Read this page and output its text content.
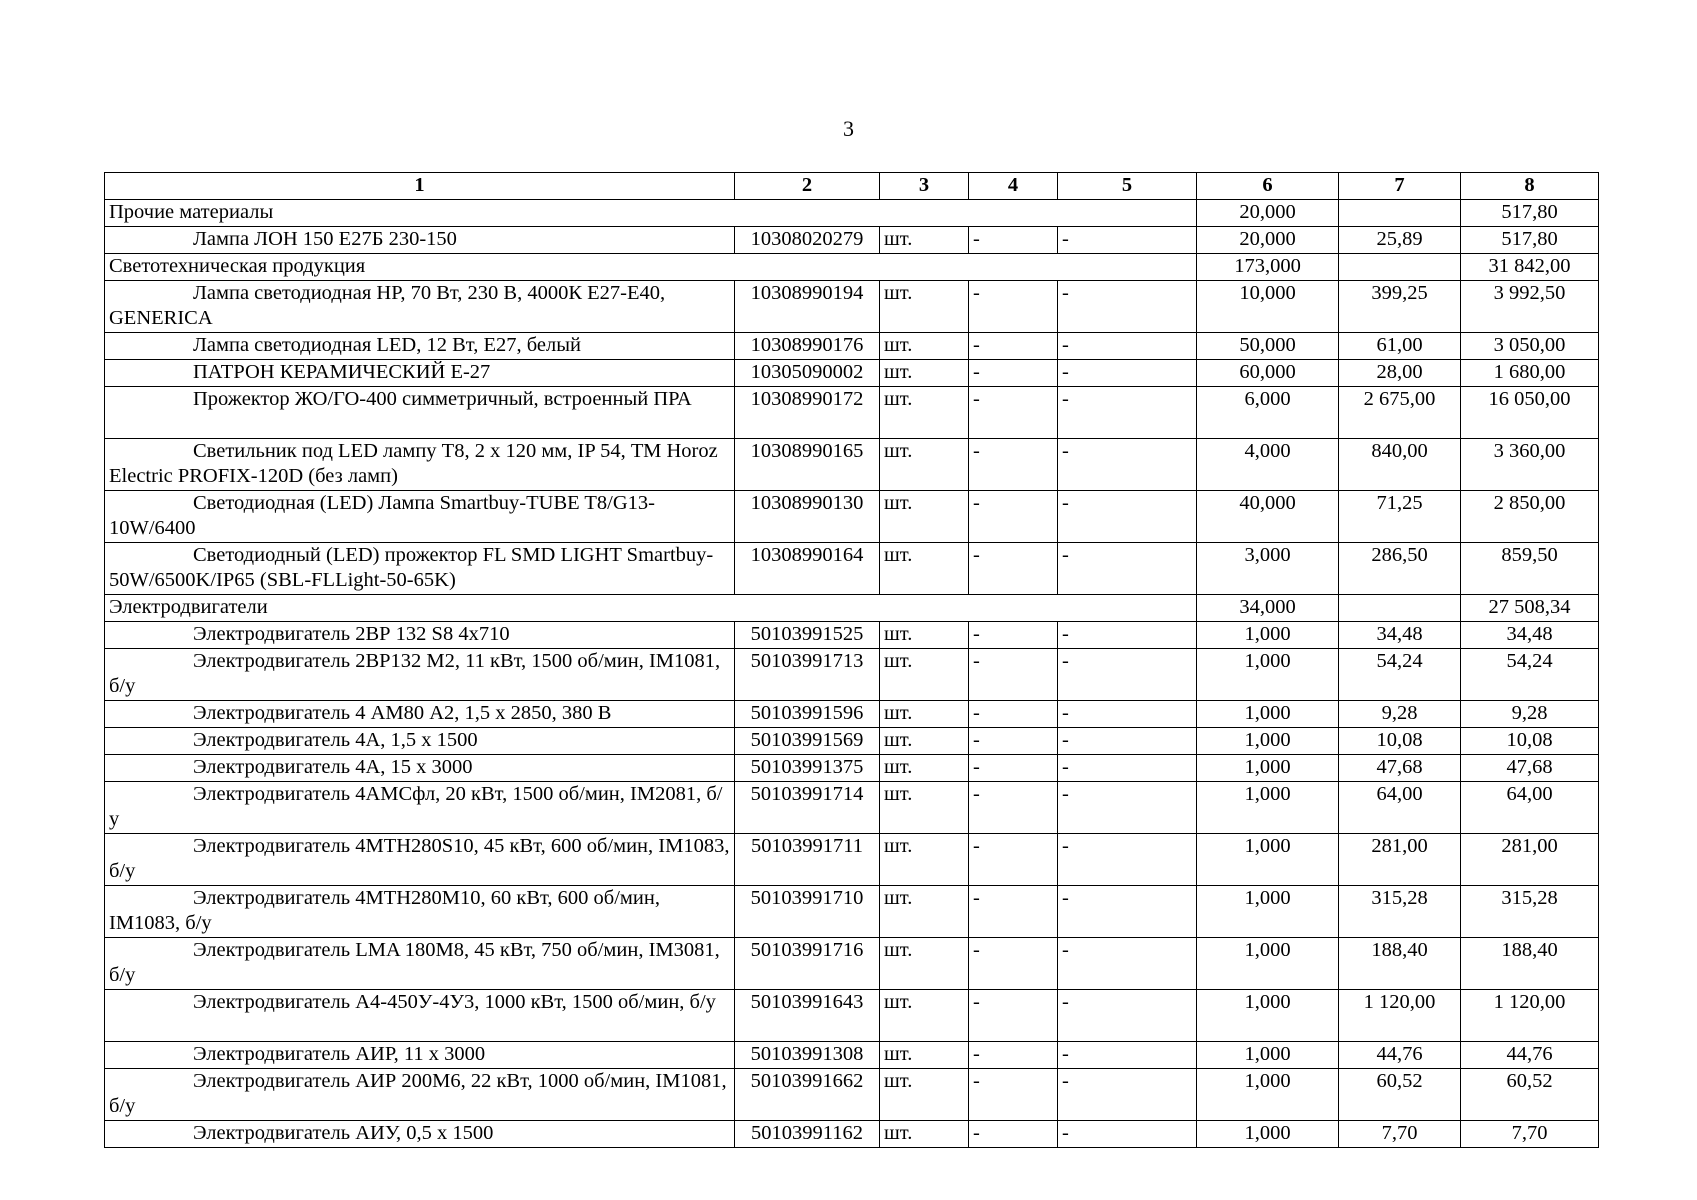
3
1	2	3	4	5	6	7	8
Прочие материалы					20,000		517,80
Лампа ЛОН 150 Е27Б 230-150	10308020279	шт.	-	-	20,000	25,89	517,80
Светотехническая продукция					173,000		31 842,00
Лампа светодиодная HP, 70 Вт, 230 В, 4000К Е27-Е40, GENERICA	10308990194	шт.	-	-	10,000	399,25	3 992,50
Лампа светодиодная LED, 12 Вт, Е27, белый	10308990176	шт.	-	-	50,000	61,00	3 050,00
ПАТРОН КЕРАМИЧЕСКИЙ Е-27	10305090002	шт.	-	-	60,000	28,00	1 680,00
Прожектор ЖО/ГО-400 симметричный, встроенный ПРА	10308990172	шт.	-	-	6,000	2 675,00	16 050,00
Светильник под LED лампу Т8, 2 х 120 мм, IP 54, ТМ Horoz Electric PROFIX-120D (без ламп)	10308990165	шт.	-	-	4,000	840,00	3 360,00
Светодиодная (LED) Лампа Smartbuy-TUBE T8/G13-10W/6400	10308990130	шт.	-	-	40,000	71,25	2 850,00
Светодиодный (LED) прожектор FL SMD LIGHT Smartbuy-50W/6500K/IP65 (SBL-FLLight-50-65K)	10308990164	шт.	-	-	3,000	286,50	859,50
Электродвигатели					34,000		27 508,34
Электродвигатель 2ВР 132 S8 4х710	50103991525	шт.	-	-	1,000	34,48	34,48
Электродвигатель 2ВР132 М2, 11 кВт, 1500 об/мин, IM1081, б/у	50103991713	шт.	-	-	1,000	54,24	54,24
Электродвигатель 4 АМ80 А2, 1,5 х 2850, 380 В	50103991596	шт.	-	-	1,000	9,28	9,28
Электродвигатель 4А, 1,5 х 1500	50103991569	шт.	-	-	1,000	10,08	10,08
Электродвигатель 4А, 15 х 3000	50103991375	шт.	-	-	1,000	47,68	47,68
Электродвигатель 4АМСфл, 20 кВт, 1500 об/мин, IM2081, б/у	50103991714	шт.	-	-	1,000	64,00	64,00
Электродвигатель 4МТН280S10, 45 кВт, 600 об/мин, IM1083, б/у	50103991711	шт.	-	-	1,000	281,00	281,00
Электродвигатель 4МТН280М10, 60 кВт, 600 об/мин, IM1083, б/у	50103991710	шт.	-	-	1,000	315,28	315,28
Электродвигатель LMA 180М8, 45 кВт, 750 об/мин, IM3081, б/у	50103991716	шт.	-	-	1,000	188,40	188,40
Электродвигатель А4-450У-4У3, 1000 кВт, 1500 об/мин, б/у	50103991643	шт.	-	-	1,000	1 120,00	1 120,00
Электродвигатель АИР, 11 х 3000	50103991308	шт.	-	-	1,000	44,76	44,76
Электродвигатель АИР 200М6, 22 кВт, 1000 об/мин, IM1081, б/у	50103991662	шт.	-	-	1,000	60,52	60,52
Электродвигатель АИУ, 0,5 х 1500	50103991162	шт.	-	-	1,000	7,70	7,70
